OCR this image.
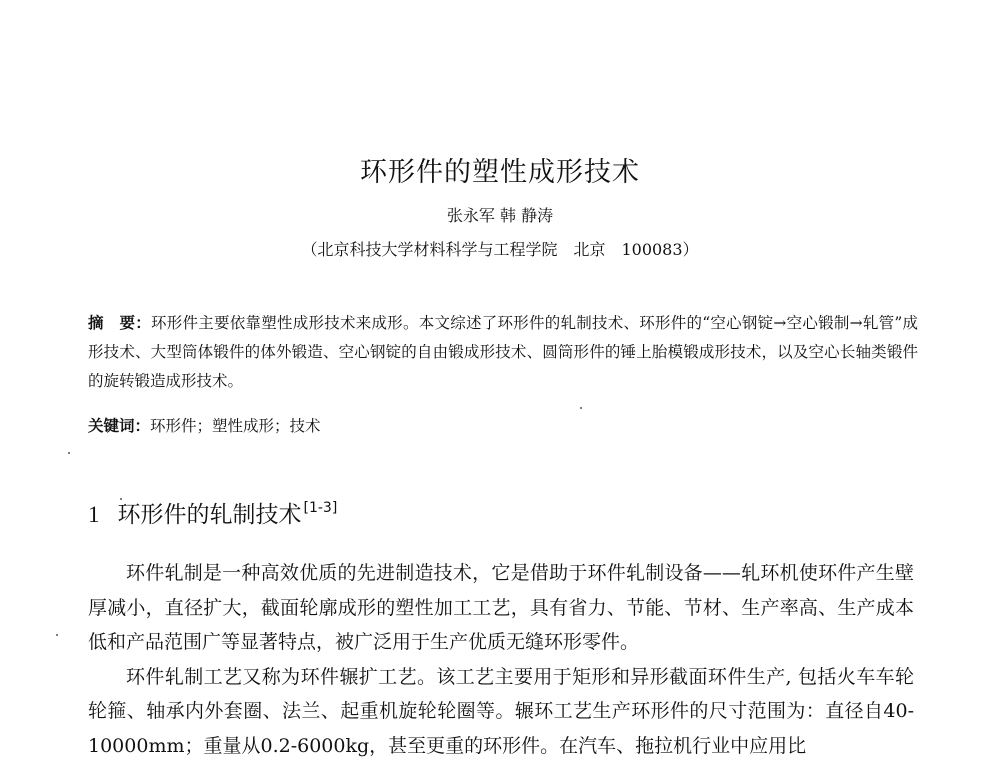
环形件的塑性成形技术
张永军 韩 静涛
（北京科技大学材料科学与工程学院　北京　100083）
摘　要：环形件主要依靠塑性成形技术来成形。本文综述了环形件的轧制技术、环形件的“空心钢锭→空心锻制→轧管”成形技术、大型筒体锻件的体外锻造、空心钢锭的自由锻成形技术、圆筒形件的锤上胎模锻成形技术，以及空心长轴类锻件的旋转锻造成形技术。
关键词：环形件；塑性成形；技术
1 环形件的轧制技术 [1-3]

环件轧制是一种高效优质的先进制造技术，它是借助于环件轧制设备——轧环机使环件产生壁厚减小，直径扩大，截面轮廓成形的塑性加工工艺，具有省力、节能、节材、生产率高、生产成本低和产品范围广等显著特点，被广泛用于生产优质无缝环形零件。

环件轧制工艺又称为环件辗扩工艺。该工艺主要用于矩形和异形截面环件生产, 包括火车车轮轮箍、轴承内外套圈、法兰、起重机旋轮轮圈等。辗环工艺生产环形件的尺寸范围为：直径自40-10000mm；重量从0.2-6000kg，甚至更重的环形件。在汽车、拖拉机行业中应用比
